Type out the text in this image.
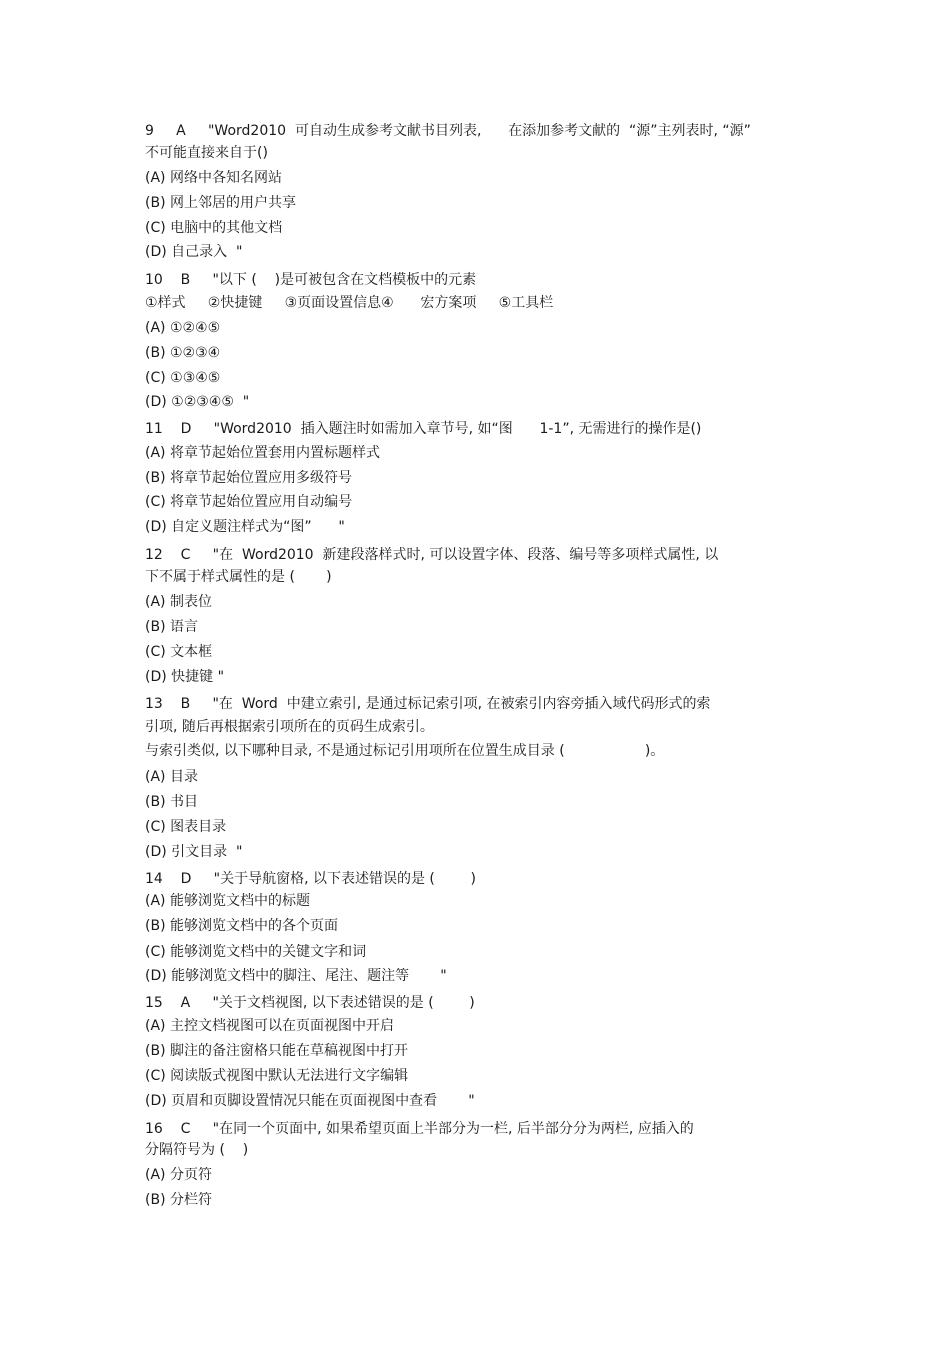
9     A     "Word2010  可自动生成参考文献书目列表,      在添加参考文献的  “源”主列表时, “源”
不可能直接来自于()
(A) 网络中各知名网站
(B) 网上邻居的用户共享
(C) 电脑中的其他文档
(D) 自己录入  "
10    B     "以下 (    )是可被包含在文档模板中的元素
①样式     ②快捷键     ③页面设置信息④      宏方案项     ⑤工具栏
(A) ①②④⑤
(B) ①②③④
(C) ①③④⑤
(D) ①②③④⑤  "
11    D     "Word2010  插入题注时如需加入章节号, 如“图      1-1”, 无需进行的操作是()
(A) 将章节起始位置套用内置标题样式
(B) 将章节起始位置应用多级符号
(C) 将章节起始位置应用自动编号
(D) 自定义题注样式为“图”      "
12    C     "在  Word2010  新建段落样式时, 可以设置字体、段落、编号等多项样式属性, 以
下不属于样式属性的是 (       )
(A) 制表位
(B) 语言
(C) 文本框
(D) 快捷键 "
13    B     "在  Word  中建立索引, 是通过标记索引项, 在被索引内容旁插入域代码形式的索
引项, 随后再根据索引项所在的页码生成索引。
与索引类似, 以下哪种目录, 不是通过标记引用项所在位置生成目录 (                  )。
(A) 目录
(B) 书目
(C) 图表目录
(D) 引文目录  "
14    D     "关于导航窗格, 以下表述错误的是 (        )
(A) 能够浏览文档中的标题
(B) 能够浏览文档中的各个页面
(C) 能够浏览文档中的关键文字和词
(D) 能够浏览文档中的脚注、尾注、题注等       "
15    A     "关于文档视图, 以下表述错误的是 (        )
(A) 主控文档视图可以在页面视图中开启
(B) 脚注的备注窗格只能在草稿视图中打开
(C) 阅读版式视图中默认无法进行文字编辑
(D) 页眉和页脚设置情况只能在页面视图中查看       "
16    C     "在同一个页面中, 如果希望页面上半部分为一栏, 后半部分分为两栏, 应插入的
分隔符号为 (    )
(A) 分页符
(B) 分栏符
